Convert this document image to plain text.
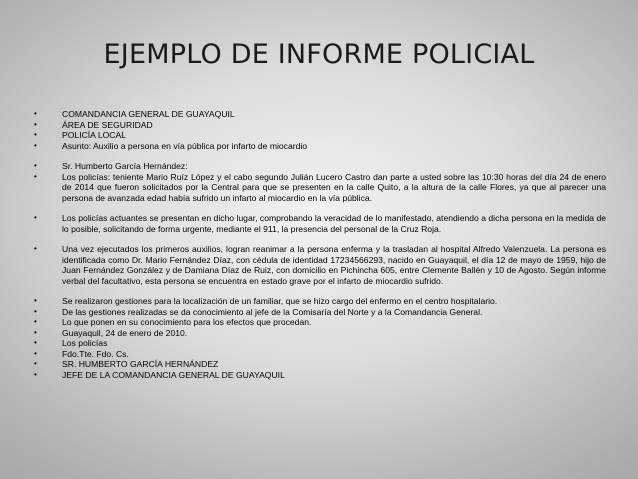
EJEMPLO DE INFORME POLICIAL
•	COMANDANCIA GENERAL DE GUAYAQUIL
•	ÁREA DE SEGURIDAD
•	POLICÍA LOCAL
•	Asunto: Auxilio a persona en vía pública por infarto de miocardio
•	Sr. Humberto García Hernández:
•	Los policías: teniente Mario Ruíz López y el cabo segundo Julián Lucero Castro dan parte a usted sobre las 10:30 horas del día 24 de enero de 2014 que fueron solicitados por la Central para que se presenten en la calle Quito, a la altura de la calle Flores, ya que al parecer una persona de avanzada edad había sufrido un infarto al miocardio en la vía pública.
•	Los policías actuantes se presentan en dicho lugar, comprobando la veracidad de lo manifestado, atendiendo a dicha persona en la medida de lo posible, solicitando de forma urgente, mediante el 911, la presencia del personal de la Cruz Roja.
•	Una vez ejecutados los primeros auxilios, logran reanimar a la persona enferma y la trasladan al hospital Alfredo Valenzuela. La persona es identificada como Dr. Mario Fernández Díaz, con cédula de identidad 17234566293, nacido en Guayaquil, el día 12 de mayo de 1959, hijo de Juan Fernández González y de Damiana Díaz de Ruiz, con domicilio en Pichincha 605, entre Clemente Ballén y 10 de Agosto. Según informe verbal del facultativo, esta persona se encuentra en estado grave por el infarto de miocardio sufrido.
•	Se realizaron gestiones para la localización de un familiar, que se hizo cargo del enfermo en el centro hospitalario.
•	De las gestiones realizadas se da conocimiento al jefe de la Comisaría del Norte y a la Comandancia General.
•	Lo que ponen en su conocimiento para los efectos que procedan.
•	Guayaquil, 24 de enero de 2010.
•	Los policías
•	Fdo.Tte. Fdo. Cs.
•	SR. HUMBERTO GARCÍA HERNÁNDEZ
•	JEFE DE LA COMANDANCIA GENERAL DE GUAYAQUIL
